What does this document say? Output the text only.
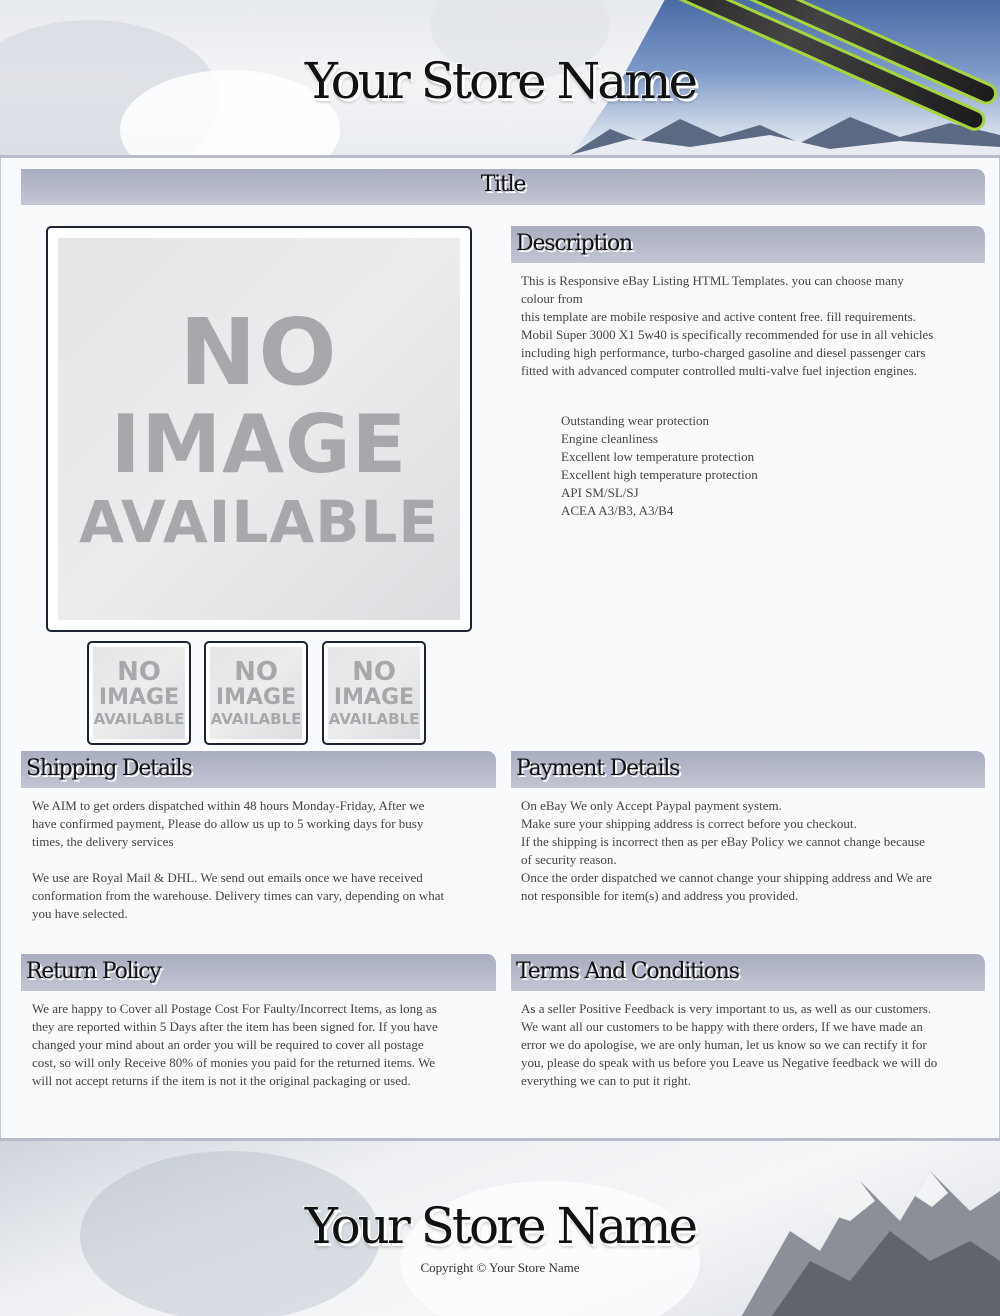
Your Store Name
Title
NO
IMAGE
AVAILABLE
NO
IMAGE
AVAILABLE
NO
IMAGE
AVAILABLE
NO
IMAGE
AVAILABLE
Description
This is Responsive eBay Listing HTML Templates. you can choose many
colour from
this template are mobile resposive and active content free. fill requirements.
Mobil Super 3000 X1 5w40 is specifically recommended for use in all vehicles
including high performance, turbo-charged gasoline and diesel passenger cars
fitted with advanced computer controlled multi-valve fuel injection engines.
Outstanding wear protection
Engine cleanliness
Excellent low temperature protection
Excellent high temperature protection
API SM/SL/SJ
ACEA A3/B3, A3/B4
Shipping Details
We AIM to get orders dispatched within 48 hours Monday-Friday, After we
have confirmed payment, Please do allow us up to 5 working days for busy
times, the delivery services
We use are Royal Mail & DHL. We send out emails once we have received
conformation from the warehouse. Delivery times can vary, depending on what
you have selected.
Payment Details
On eBay We only Accept Paypal payment system.
Make sure your shipping address is correct before you checkout.
If the shipping is incorrect then as per eBay Policy we cannot change because
of security reason.
Once the order dispatched we cannot change your shipping address and We are
not responsible for item(s) and address you provided.
Return Policy
We are happy to Cover all Postage Cost For Faulty/Incorrect Items, as long as
they are reported within 5 Days after the item has been signed for. If you have
changed your mind about an order you will be required to cover all postage
cost, so will only Receive 80% of monies you paid for the returned items. We
will not accept returns if the item is not it the original packaging or used.
Terms And Conditions
As a seller Positive Feedback is very important to us, as well as our customers.
We want all our customers to be happy with there orders, If we have made an
error we do apologise, we are only human, let us know so we can rectify it for
you, please do speak with us before you Leave us Negative feedback we will do
everything we can to put it right.
Your Store Name
Copyright © Your Store Name
